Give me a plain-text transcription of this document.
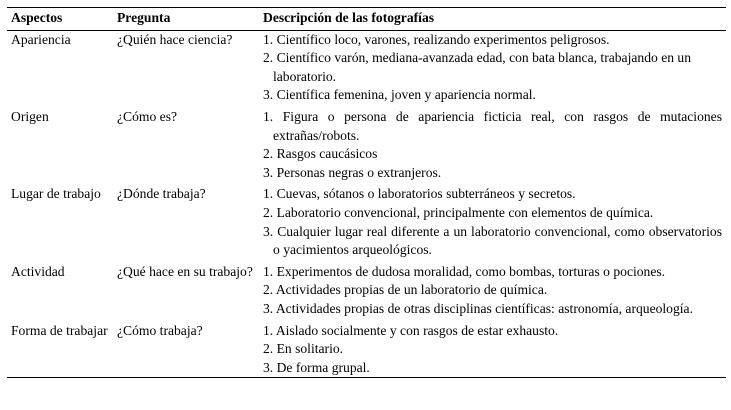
Aspectos	Pregunta	Descripción de las fotografías
Apariencia	¿Quién hace ciencia?	1. Científico loco, varones, realizando experimentos peligrosos.
2. Científico varón, mediana-avanzada edad, con bata blanca, trabajando en un laboratorio.
3. Científica femenina, joven y apariencia normal.

Origen	¿Cómo es?	1. Figura o persona de apariencia ficticia real, con rasgos de mutaciones extrañas/robots.
2. Rasgos caucásicos
3. Personas negras o extranjeros.

Lugar de trabajo	¿Dónde trabaja?	1. Cuevas, sótanos o laboratorios subterráneos y secretos.
2. Laboratorio convencional, principalmente con elementos de química.
3. Cualquier lugar real diferente a un laboratorio convencional, como observatorios o yacimientos arqueológicos.

Actividad	¿Qué hace en su trabajo?	1. Experimentos de dudosa moralidad, como bombas, torturas o pociones.
2. Actividades propias de un laboratorio de química.
3. Actividades propias de otras disciplinas científicas: astronomía, arqueología.

Forma de trabajar	¿Cómo trabaja?	1. Aislado socialmente y con rasgos de estar exhausto.
2. En solitario.
3. De forma grupal.
